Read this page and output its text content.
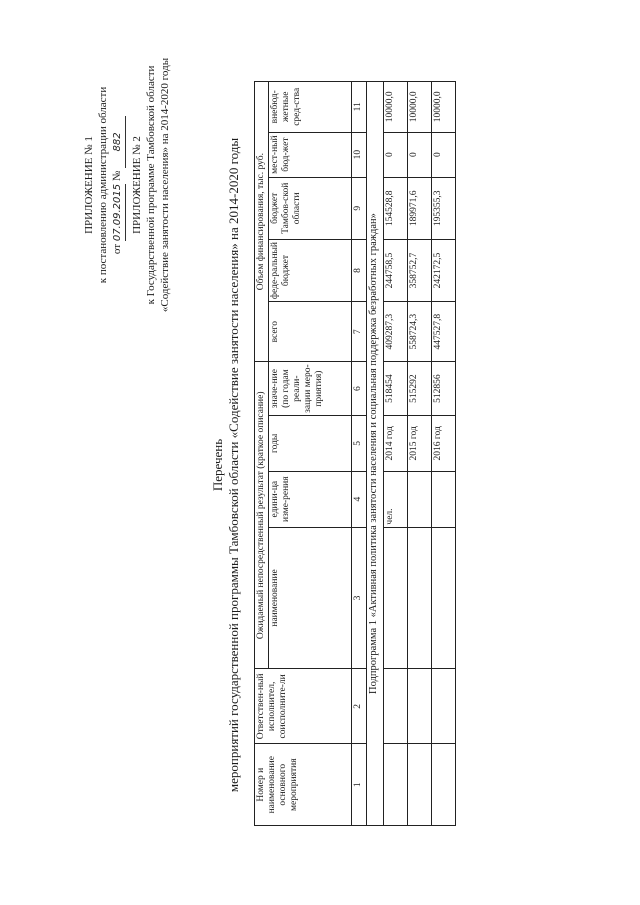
ПРИЛОЖЕНИЕ № 1 к постановлению администрации области от 07.09.2015 № 882 ПРИЛОЖЕНИЕ № 2 к Государственной программе Тамбовской области «Содействие занятости населения» на 2014-2020 годы
Перечень мероприятий государственной программы Тамбовской области «Содействие занятости населения» на 2014-2020 годы Номер и наименование основного мероприятия	Ответствен-ный исполнител, соисполните-ли	Ожидаемый непосредственный результат (краткое описание)				Объем финансирования, тыс. руб.				
		наименование	едини-ца изме-рения	годы	значе-ние (по годам реали-зации меро-приятия)	всего	феде-ральный бюджет	бюджет Тамбов-ской области	мест-ный бюд-жет	внебюд-жетные сред-ства
1	2	3	4	5	6	7	8	9	10	11
Подпрограмма 1 «Активная политика занятости населения и социальная поддержка безработных граждан»										
			чел.	2014 год	518454	409287,3	244758,5	154528,8	0	10000,0
				2015 год	515292	558724,3	358752,7	189971,6	0	10000,0
				2016 год	512856	447527,8	242172,5	195355,3	0	10000,0
